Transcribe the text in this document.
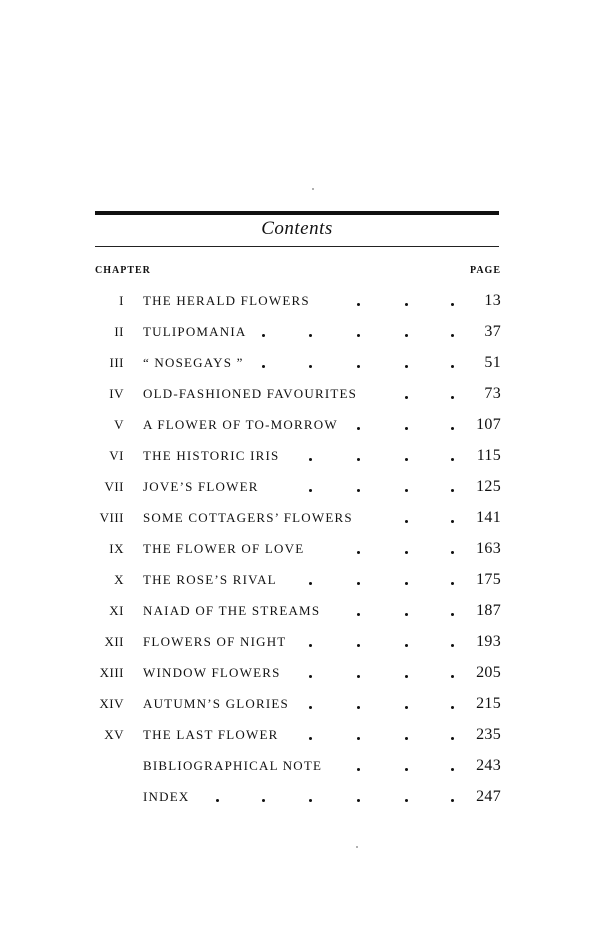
Contents
CHAPTER	PAGE
I THE HERALD FLOWERS	13
II TULIPOMANIA	37
III “ NOSEGAYS ”	51
IV OLD-FASHIONED FAVOURITES	73
V A FLOWER OF TO-MORROW	107
VI THE HISTORIC IRIS	115
VII JOVE’S FLOWER	125
VIII SOME COTTAGERS’ FLOWERS	141
IX THE FLOWER OF LOVE	163
X THE ROSE’S RIVAL	175
XI NAIAD OF THE STREAMS	187
XII FLOWERS OF NIGHT	193
XIII WINDOW FLOWERS	205
XIV AUTUMN’S GLORIES	215
XV THE LAST FLOWER	235
BIBLIOGRAPHICAL NOTE	243
INDEX	247
